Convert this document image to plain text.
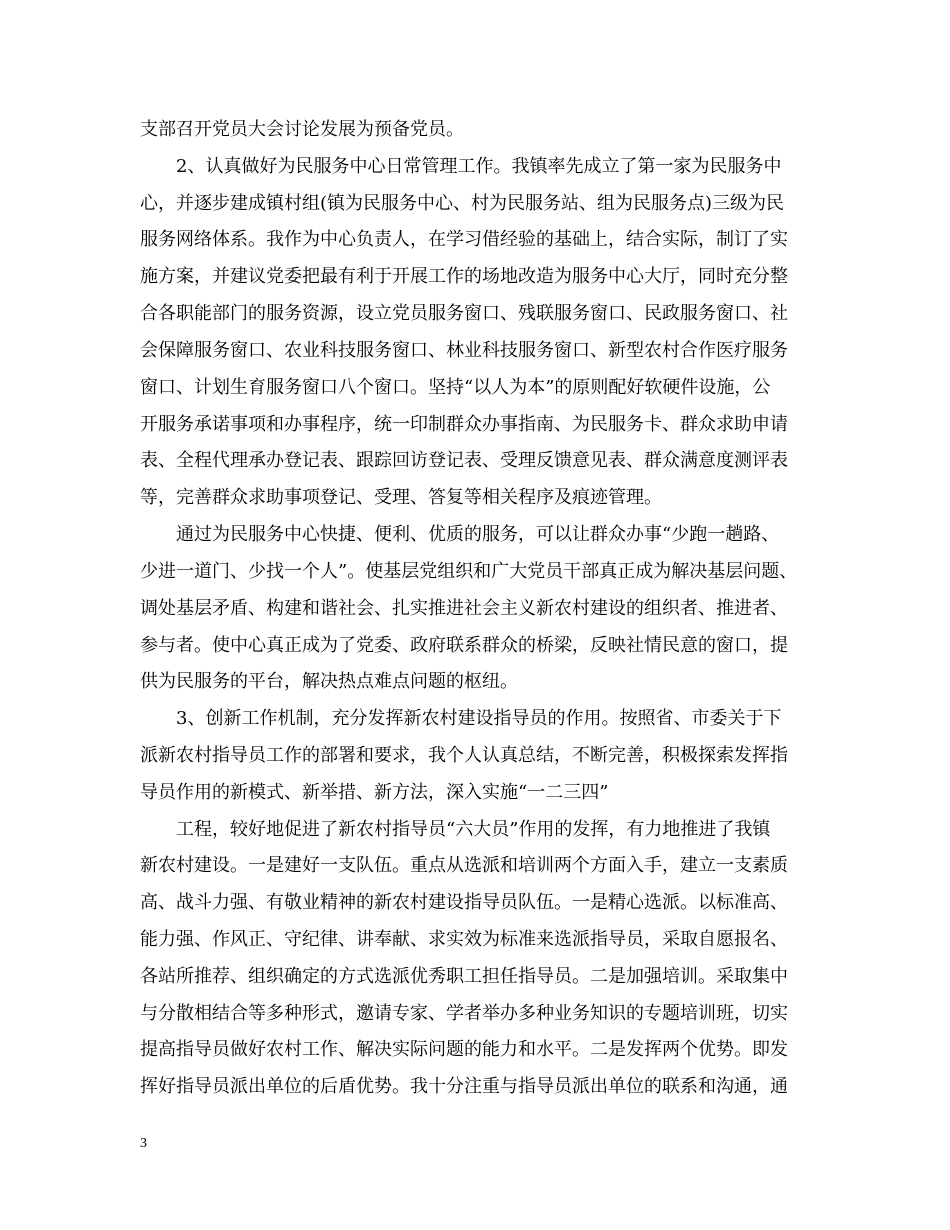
支部召开党员大会讨论发展为预备党员。
2、认真做好为民服务中心日常管理工作。我镇率先成立了第一家为民服务中
心，并逐步建成镇村组(镇为民服务中心、村为民服务站、组为民服务点)三级为民
服务网络体系。我作为中心负责人，在学习借经验的基础上，结合实际，制订了实
施方案，并建议党委把最有利于开展工作的场地改造为服务中心大厅，同时充分整
合各职能部门的服务资源，设立党员服务窗口、残联服务窗口、民政服务窗口、社
会保障服务窗口、农业科技服务窗口、林业科技服务窗口、新型农村合作医疗服务
窗口、计划生育服务窗口八个窗口。坚持“以人为本”的原则配好软硬件设施，公
开服务承诺事项和办事程序，统一印制群众办事指南、为民服务卡、群众求助申请
表、全程代理承办登记表、跟踪回访登记表、受理反馈意见表、群众满意度测评表
等，完善群众求助事项登记、受理、答复等相关程序及痕迹管理。
通过为民服务中心快捷、便利、优质的服务，可以让群众办事“少跑一趟路、
少进一道门、少找一个人”。使基层党组织和广大党员干部真正成为解决基层问题、
调处基层矛盾、构建和谐社会、扎实推进社会主义新农村建设的组织者、推进者、
参与者。使中心真正成为了党委、政府联系群众的桥梁，反映社情民意的窗口，提
供为民服务的平台，解决热点难点问题的枢纽。
3、创新工作机制，充分发挥新农村建设指导员的作用。按照省、市委关于下
派新农村指导员工作的部署和要求，我个人认真总结，不断完善，积极探索发挥指
导员作用的新模式、新举措、新方法，深入实施“一二三四”
工程，较好地促进了新农村指导员“六大员”作用的发挥，有力地推进了我镇
新农村建设。一是建好一支队伍。重点从选派和培训两个方面入手，建立一支素质
高、战斗力强、有敬业精神的新农村建设指导员队伍。一是精心选派。以标准高、
能力强、作风正、守纪律、讲奉献、求实效为标准来选派指导员，采取自愿报名、
各站所推荐、组织确定的方式选派优秀职工担任指导员。二是加强培训。采取集中
与分散相结合等多种形式，邀请专家、学者举办多种业务知识的专题培训班，切实
提高指导员做好农村工作、解决实际问题的能力和水平。二是发挥两个优势。即发
挥好指导员派出单位的后盾优势。我十分注重与指导员派出单位的联系和沟通，通
3
